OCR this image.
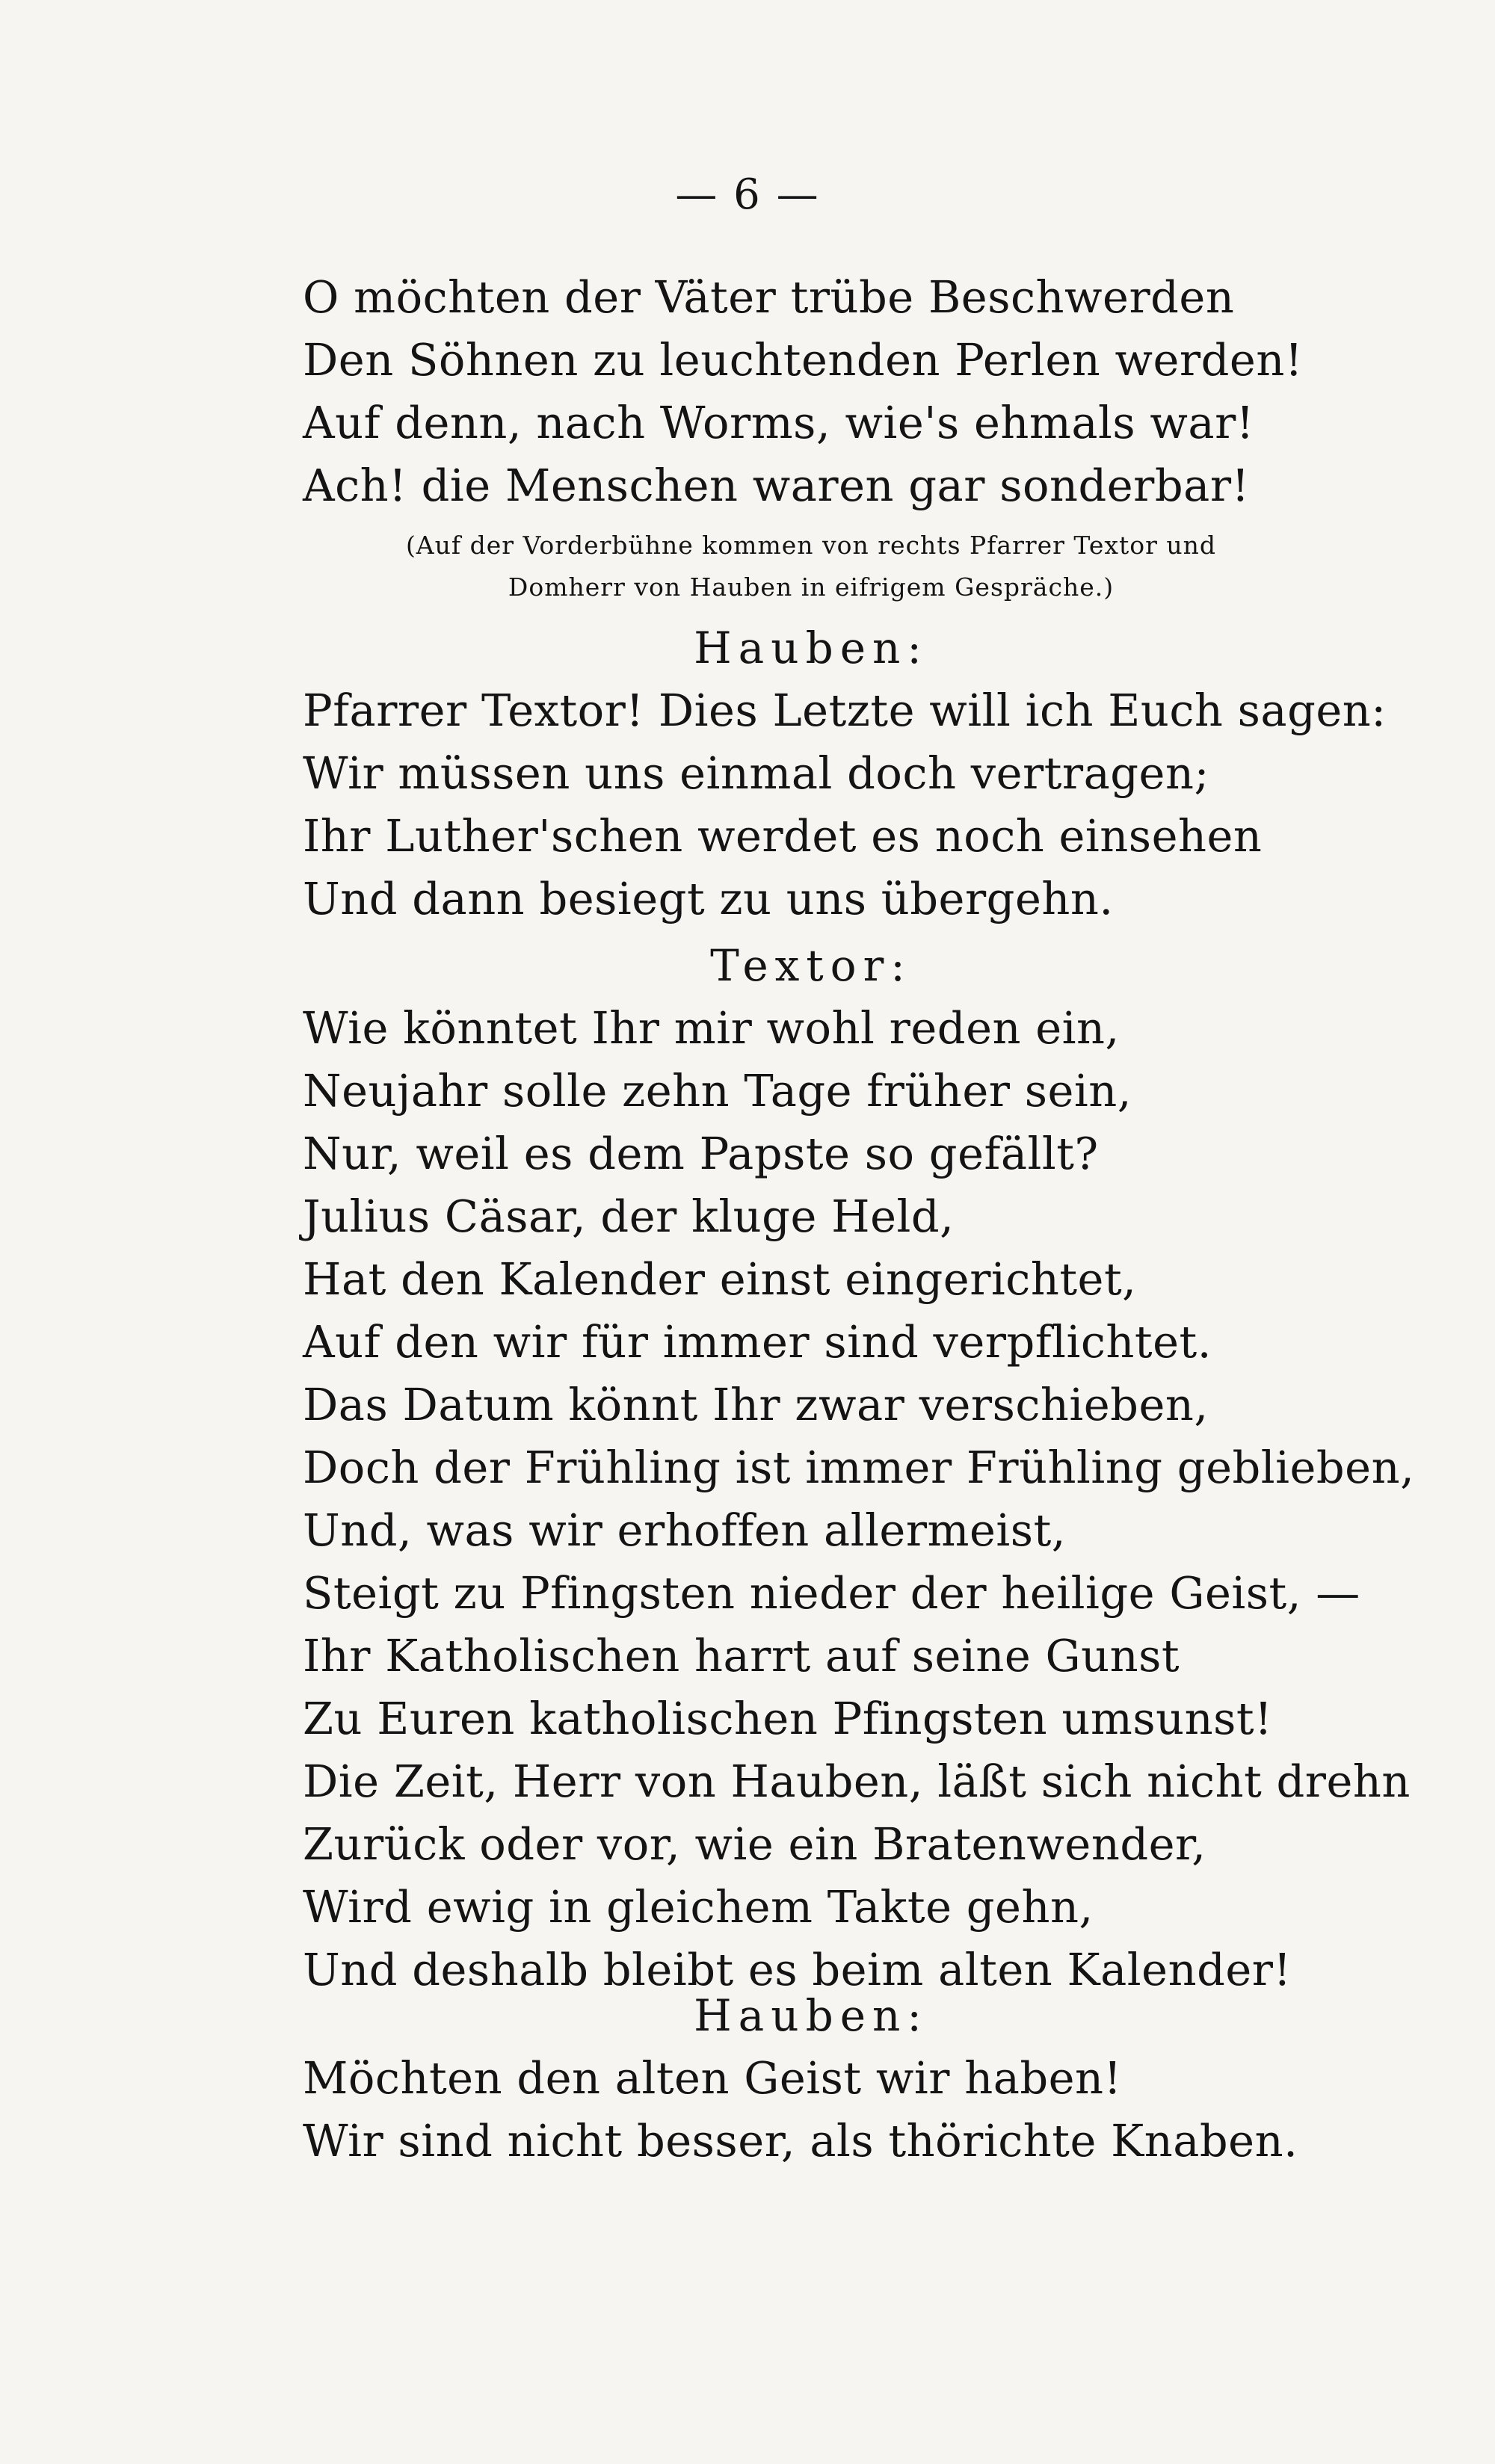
— 6 —
O möchten der Väter trübe Beschwerden
Den Söhnen zu leuchtenden Perlen werden!
Auf denn, nach Worms, wie's ehmals war!
Ach! die Menschen waren gar sonderbar!
(Auf der Vorderbühne kommen von rechts Pfarrer Textor und
Domherr von Hauben in eifrigem Gespräche.)
Hauben:
Pfarrer Textor! Dies Letzte will ich Euch sagen:
Wir müssen uns einmal doch vertragen;
Ihr Luther'schen werdet es noch einsehen
Und dann besiegt zu uns übergehn.
Textor:
Wie könntet Ihr mir wohl reden ein,
Neujahr solle zehn Tage früher sein,
Nur, weil es dem Papste so gefällt?
Julius Cäsar, der kluge Held,
Hat den Kalender einst eingerichtet,
Auf den wir für immer sind verpflichtet.
Das Datum könnt Ihr zwar verschieben,
Doch der Frühling ist immer Frühling geblieben,
Und, was wir erhoffen allermeist,
Steigt zu Pfingsten nieder der heilige Geist, —
Ihr Katholischen harrt auf seine Gunst
Zu Euren katholischen Pfingsten umsunst!
Die Zeit, Herr von Hauben, läßt sich nicht drehn
Zurück oder vor, wie ein Bratenwender,
Wird ewig in gleichem Takte gehn,
Und deshalb bleibt es beim alten Kalender!
Hauben:
Möchten den alten Geist wir haben!
Wir sind nicht besser, als thörichte Knaben.
